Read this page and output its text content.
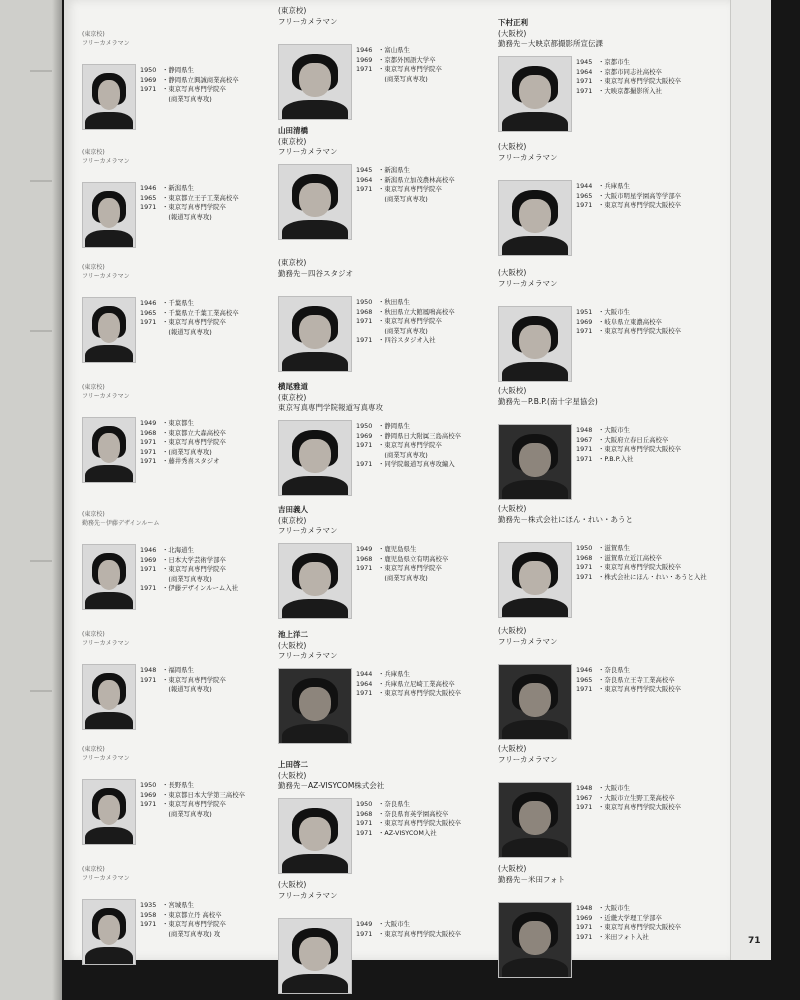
(東京校)
フリーカメラマン
1950 ・静岡県生
1969 ・静岡県立興誠商業高校卒
1971 ・東京写真専門学院卒
　(商業写真専攻)
(東京校)
フリーカメラマン
1946 ・新潟県生
1965 ・東京都立王子工業高校卒
1971 ・東京写真専門学院卒
　(報道写真専攻)
(東京校)
フリーカメラマン
1946 ・千葉県生
1965 ・千葉県立千葉工業高校卒
1971 ・東京写真専門学院卒
　(報道写真専攻)
(東京校)
フリーカメラマン
1949 ・東京都生
1968 ・東京都立大森高校卒
1971 ・東京写真専門学院卒
1971 ・(商業写真専攻)
1971 ・藤井秀喜スタジオ
(東京校)
勤務先－伊藤デザインルーム
1946 ・北海道生
1969 ・日本大学芸術学部卒
1971 ・東京写真専門学院卒
　(商業写真専攻)
1971 ・伊藤デザインルーム入社
(東京校)
フリーカメラマン
1948 ・福岡県生
1971 ・東京写真専門学院卒
　(報道写真専攻)
(東京校)
フリーカメラマン
1950 ・長野県生
1969 ・東京都日本大学第三高校卒
1971 ・東京写真専門学院卒
　(商業写真専攻)
(東京校)
フリーカメラマン
1935 ・宮城県生
1958 ・東京都立丹 高校卒
1971 ・東京写真専門学院卒
　(商業写真専攻) 攻
(東京校)
フリーカメラマン
1946 ・富山県生
1969 ・京都外国語大学卒
1971 ・東京写真専門学院卒
　(商業写真専攻)
山田清橋
(東京校)
フリーカメラマン
1945 ・新潟県生
1964 ・新潟県立加茂農林高校卒
1971 ・東京写真専門学院卒
　(商業写真専攻)
(東京校)
勤務先－四谷スタジオ
1950 ・秋田県生
1968 ・秋田県立大館鳳鳴高校卒
1971 ・東京写真専門学院卒
　(商業写真専攻)
1971 ・四谷スタジオ入社
横尾雅道
(東京校)
東京写真専門学院報道写真専攻
1950 ・静岡県生
1969 ・静岡県日大附属三島高校卒
1971 ・東京写真専門学院卒
　(商業写真専攻)
1971 ・同学院報道写真専攻編入
吉田義人
(東京校)
フリーカメラマン
1949 ・鹿児島県生
1968 ・鹿児島県立有明高校卒
1971 ・東京写真専門学院卒
　(商業写真専攻)
池上洋二
(大阪校)
フリーカメラマン
1944 ・兵庫県生
1964 ・兵庫県立尼崎工業高校卒
1971 ・東京写真専門学院大阪校卒
上田啓二
(大阪校)
勤務先－AZ-VISYCOM株式会社
1950 ・奈良県生
1968 ・奈良県育英学園高校卒
1971 ・東京写真専門学院大阪校卒
1971 ・AZ-VISYCOM入社
(大阪校)
フリーカメラマン
1949 ・大阪市生
1971 ・東京写真専門学院大阪校卒
下村正利
(大阪校)
勤務先－大映京都撮影所宣伝課
1945 ・京都市生
1964 ・京都市同志社高校卒
1971 ・東京写真専門学院大阪校卒
1971 ・大映京都撮影所入社
(大阪校)
フリーカメラマン
1944 ・兵庫県生
1965 ・大阪市明星学園高等学部卒
1971 ・東京写真専門学院大阪校卒
(大阪校)
フリーカメラマン
1951 ・大阪市生
1969 ・岐阜県立東濃高校卒
1971 ・東京写真専門学院大阪校卒
(大阪校)
勤務先－P.B.P.(南十字星協会)
1948 ・大阪市生
1967 ・大阪府立春日丘高校卒
1971 ・東京写真専門学院大阪校卒
1971 ・P.B.P.入社
(大阪校)
勤務先－株式会社にほん・れい・あうと
1950 ・滋賀県生
1968 ・滋賀県立近江高校卒
1971 ・東京写真専門学院大阪校卒
1971 ・株式会社にほん・れい・あうと入社
(大阪校)
フリーカメラマン
1946 ・奈良県生
1965 ・奈良県立王寺工業高校卒
1971 ・東京写真専門学院大阪校卒
(大阪校)
フリーカメラマン
1948 ・大阪市生
1967 ・大阪市立生野工業高校卒
1971 ・東京写真専門学院大阪校卒
(大阪校)
勤務先－米田フォト
1948 ・大阪市生
1969 ・近畿大学理工学部卒
1971 ・東京写真専門学院大阪校卒
1971 ・米田フォト入社	71
